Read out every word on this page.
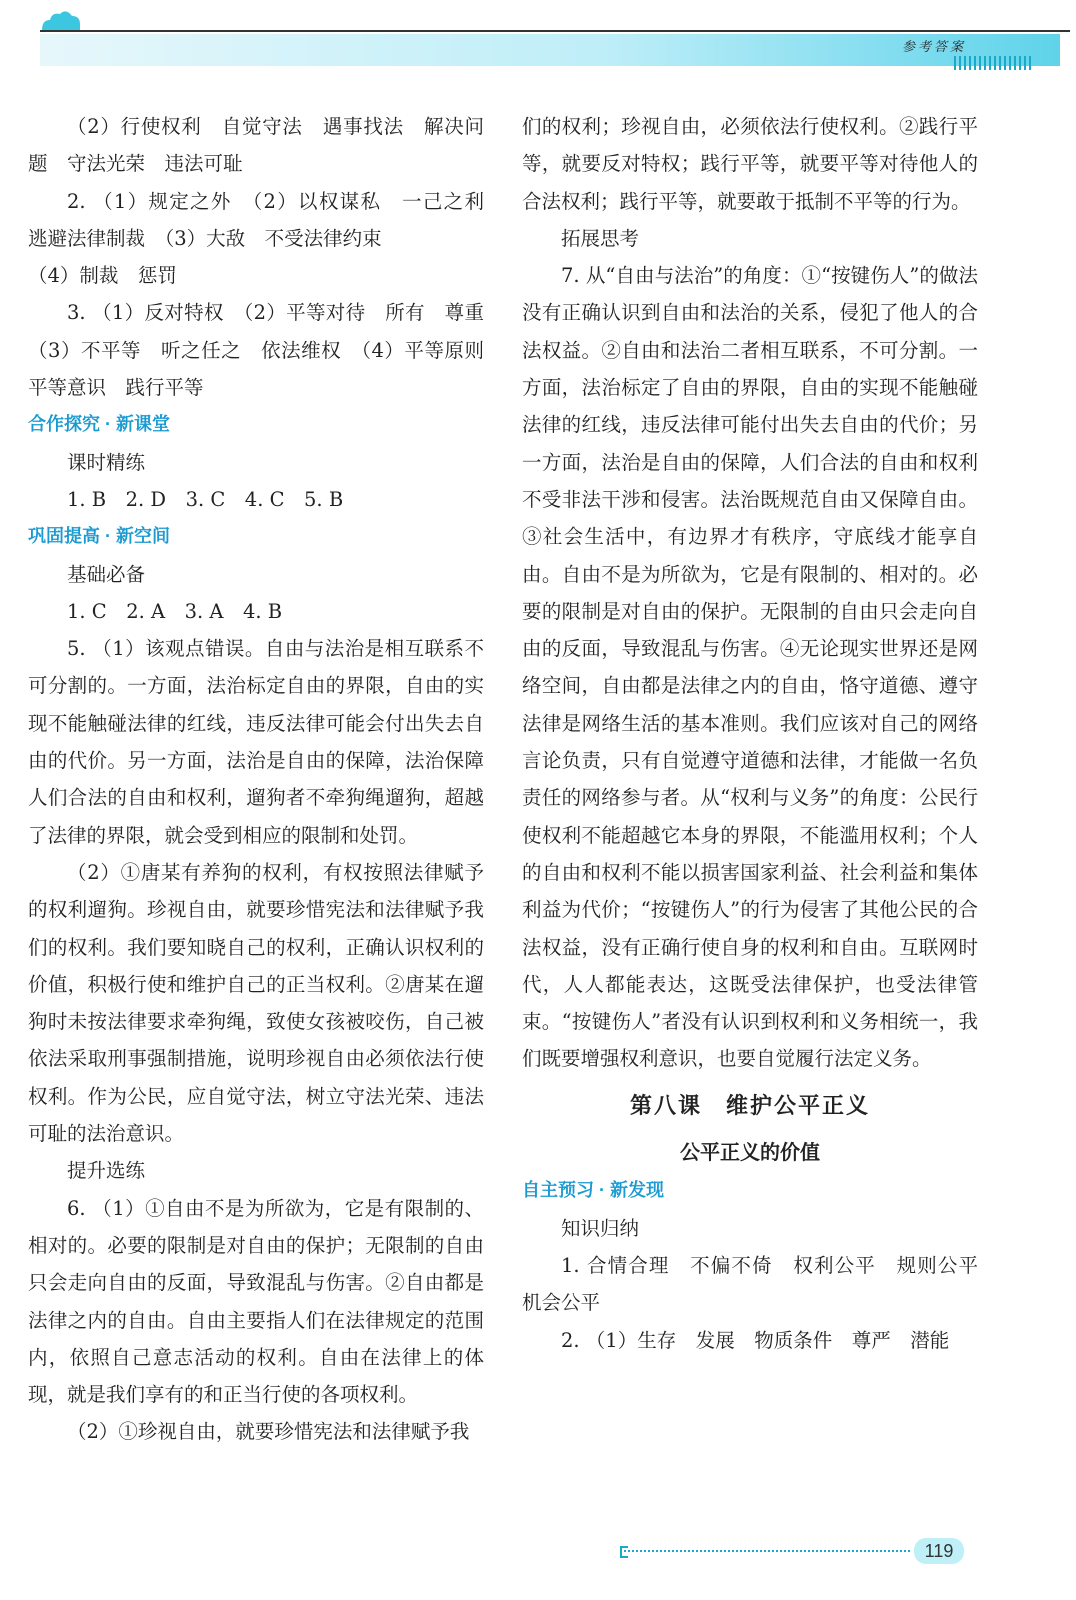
参考答案

（2）行使权利　自觉守法　遇事找法　解决问题　守法光荣　违法可耻

2. （1）规定之外　（2）以权谋私　一己之利　逃避法律制裁　（3）大敌　不受法律约束

（4）制裁　惩罚

3. （1）反对特权　（2）平等对待　所有　尊重　（3）不平等　听之任之　依法维权　（4）平等原则　平等意识　践行平等

合作探究 · 新课堂

课时精练

1. B　2. D　3. C　4. C　5. B

巩固提高 · 新空间

基础必备

1. C　2. A　3. A　4. B

5. （1）该观点错误。自由与法治是相互联系不可分割的。一方面，法治标定自由的界限，自由的实现不能触碰法律的红线，违反法律可能会付出失去自由的代价。另一方面，法治是自由的保障，法治保障人们合法的自由和权利，遛狗者不牵狗绳遛狗，超越了法律的界限，就会受到相应的限制和处罚。

（2）①唐某有养狗的权利，有权按照法律赋予的权利遛狗。珍视自由，就要珍惜宪法和法律赋予我们的权利。我们要知晓自己的权利，正确认识权利的价值，积极行使和维护自己的正当权利。②唐某在遛狗时未按法律要求牵狗绳，致使女孩被咬伤，自己被依法采取刑事强制措施，说明珍视自由必须依法行使权利。作为公民，应自觉守法，树立守法光荣、违法可耻的法治意识。

提升选练

6. （1）①自由不是为所欲为，它是有限制的、相对的。必要的限制是对自由的保护；无限制的自由只会走向自由的反面，导致混乱与伤害。②自由都是法律之内的自由。自由主要指人们在法律规定的范围内，依照自己意志活动的权利。自由在法律上的体现，就是我们享有的和正当行使的各项权利。

（2）①珍视自由，就要珍惜宪法和法律赋予我

们的权利；珍视自由，必须依法行使权利。②践行平等，就要反对特权；践行平等，就要平等对待他人的合法权利；践行平等，就要敢于抵制不平等的行为。

拓展思考

7. 从“自由与法治”的角度：①“按键伤人”的做法没有正确认识到自由和法治的关系，侵犯了他人的合法权益。②自由和法治二者相互联系，不可分割。一方面，法治标定了自由的界限，自由的实现不能触碰法律的红线，违反法律可能付出失去自由的代价；另一方面，法治是自由的保障，人们合法的自由和权利不受非法干涉和侵害。法治既规范自由又保障自由。③社会生活中，有边界才有秩序，守底线才能享自由。自由不是为所欲为，它是有限制的、相对的。必要的限制是对自由的保护。无限制的自由只会走向自由的反面，导致混乱与伤害。④无论现实世界还是网络空间，自由都是法律之内的自由，恪守道德、遵守法律是网络生活的基本准则。我们应该对自己的网络言论负责，只有自觉遵守道德和法律，才能做一名负责任的网络参与者。从“权利与义务”的角度：公民行使权利不能超越它本身的界限，不能滥用权利；个人的自由和权利不能以损害国家利益、社会利益和集体利益为代价；“按键伤人”的行为侵害了其他公民的合法权益，没有正确行使自身的权利和自由。互联网时代，人人都能表达，这既受法律保护，也受法律管束。“按键伤人”者没有认识到权利和义务相统一，我们既要增强权利意识，也要自觉履行法定义务。

第八课　维护公平正义

公平正义的价值

自主预习 · 新发现

知识归纳

1. 合情合理　不偏不倚　权利公平　规则公平　机会公平

2. （1）生存　发展　物质条件　尊严　潜能

119
